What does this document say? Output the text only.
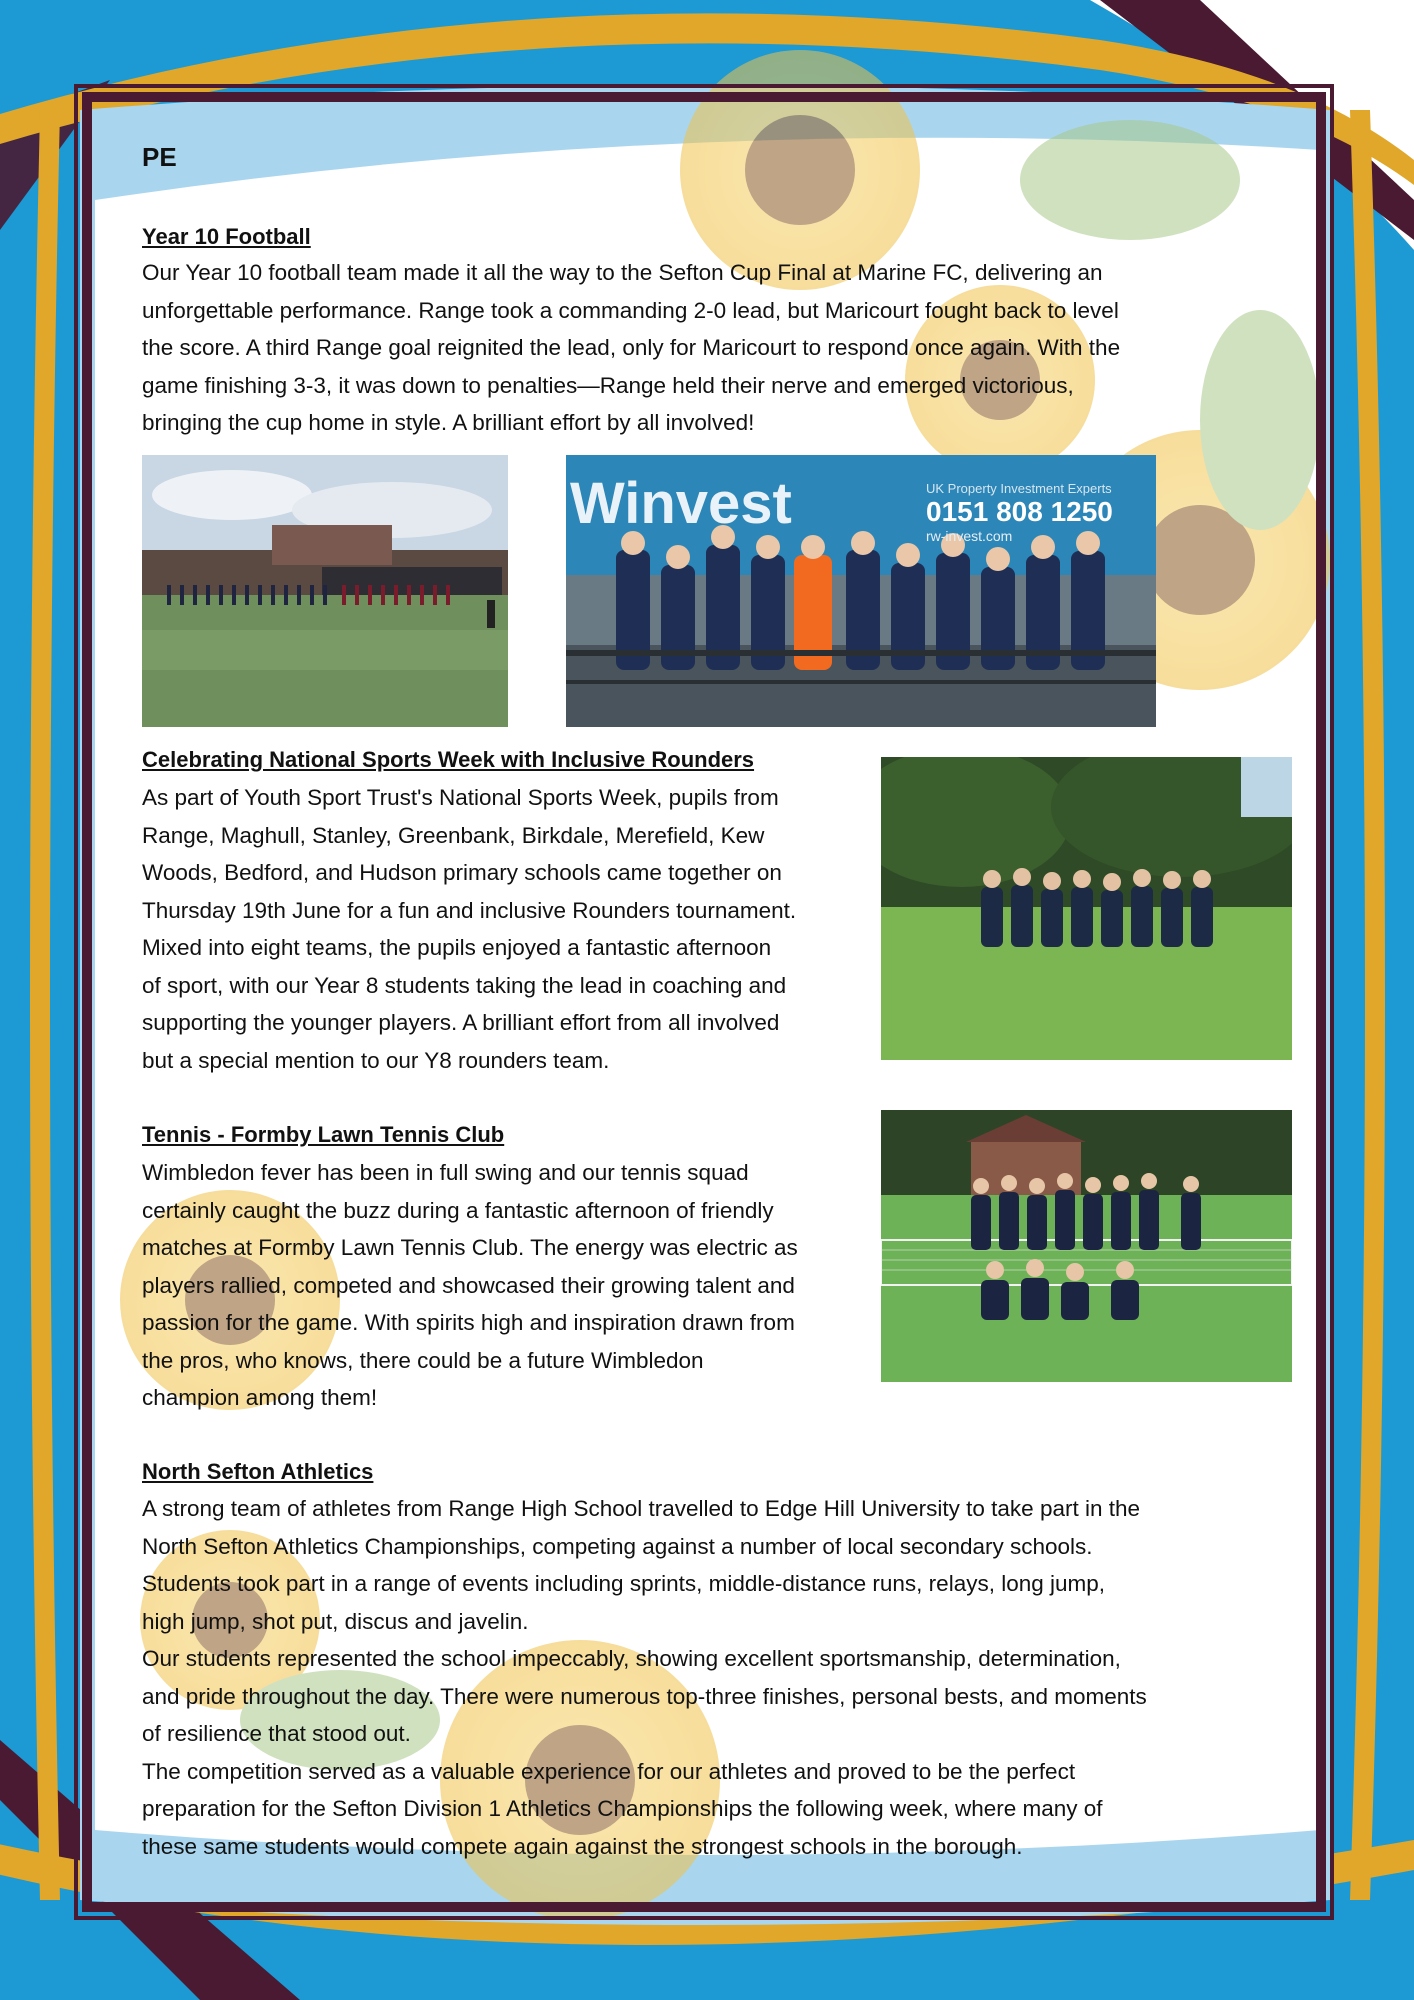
PE
Year 10 Football

Our Year 10 football team made it all the way to the Sefton Cup Final at Marine FC, delivering an
unforgettable performance. Range took a commanding 2-0 lead, but Maricourt fought back to level
the score. A third Range goal reignited the lead, only for Maricourt to respond once again. With the
game finishing 3-3, it was down to penalties—Range held their nerve and emerged victorious,
bringing the cup home in style. A brilliant effort by all involved!

Winvest	UK Property Investment Experts
0151 808 1250
rw-invest.com
Celebrating National Sports Week with Inclusive Rounders

As part of Youth Sport Trust's National Sports Week, pupils from
Range, Maghull, Stanley, Greenbank, Birkdale, Merefield, Kew
Woods, Bedford, and Hudson primary schools came together on
Thursday 19th June for a fun and inclusive Rounders tournament.
Mixed into eight teams, the pupils enjoyed a fantastic afternoon
of sport, with our Year 8 students taking the lead in coaching and
supporting the younger players. A brilliant effort from all involved
but a special mention to our Y8 rounders team.

Tennis - Formby Lawn Tennis Club

Wimbledon fever has been in full swing and our tennis squad
certainly caught the buzz during a fantastic afternoon of friendly
matches at Formby Lawn Tennis Club. The energy was electric as
players rallied, competed and showcased their growing talent and
passion for the game. With spirits high and inspiration drawn from
the pros, who knows, there could be a future Wimbledon
champion among them!

North Sefton Athletics

A strong team of athletes from Range High School travelled to Edge Hill University to take part in the
North Sefton Athletics Championships, competing against a number of local secondary schools.
Students took part in a range of events including sprints, middle-distance runs, relays, long jump,
high jump, shot put, discus and javelin.
Our students represented the school impeccably, showing excellent sportsmanship, determination,
and pride throughout the day. There were numerous top-three finishes, personal bests, and moments
of resilience that stood out.
The competition served as a valuable experience for our athletes and proved to be the perfect
preparation for the Sefton Division 1 Athletics Championships the following week, where many of
these same students would compete again against the strongest schools in the borough.
